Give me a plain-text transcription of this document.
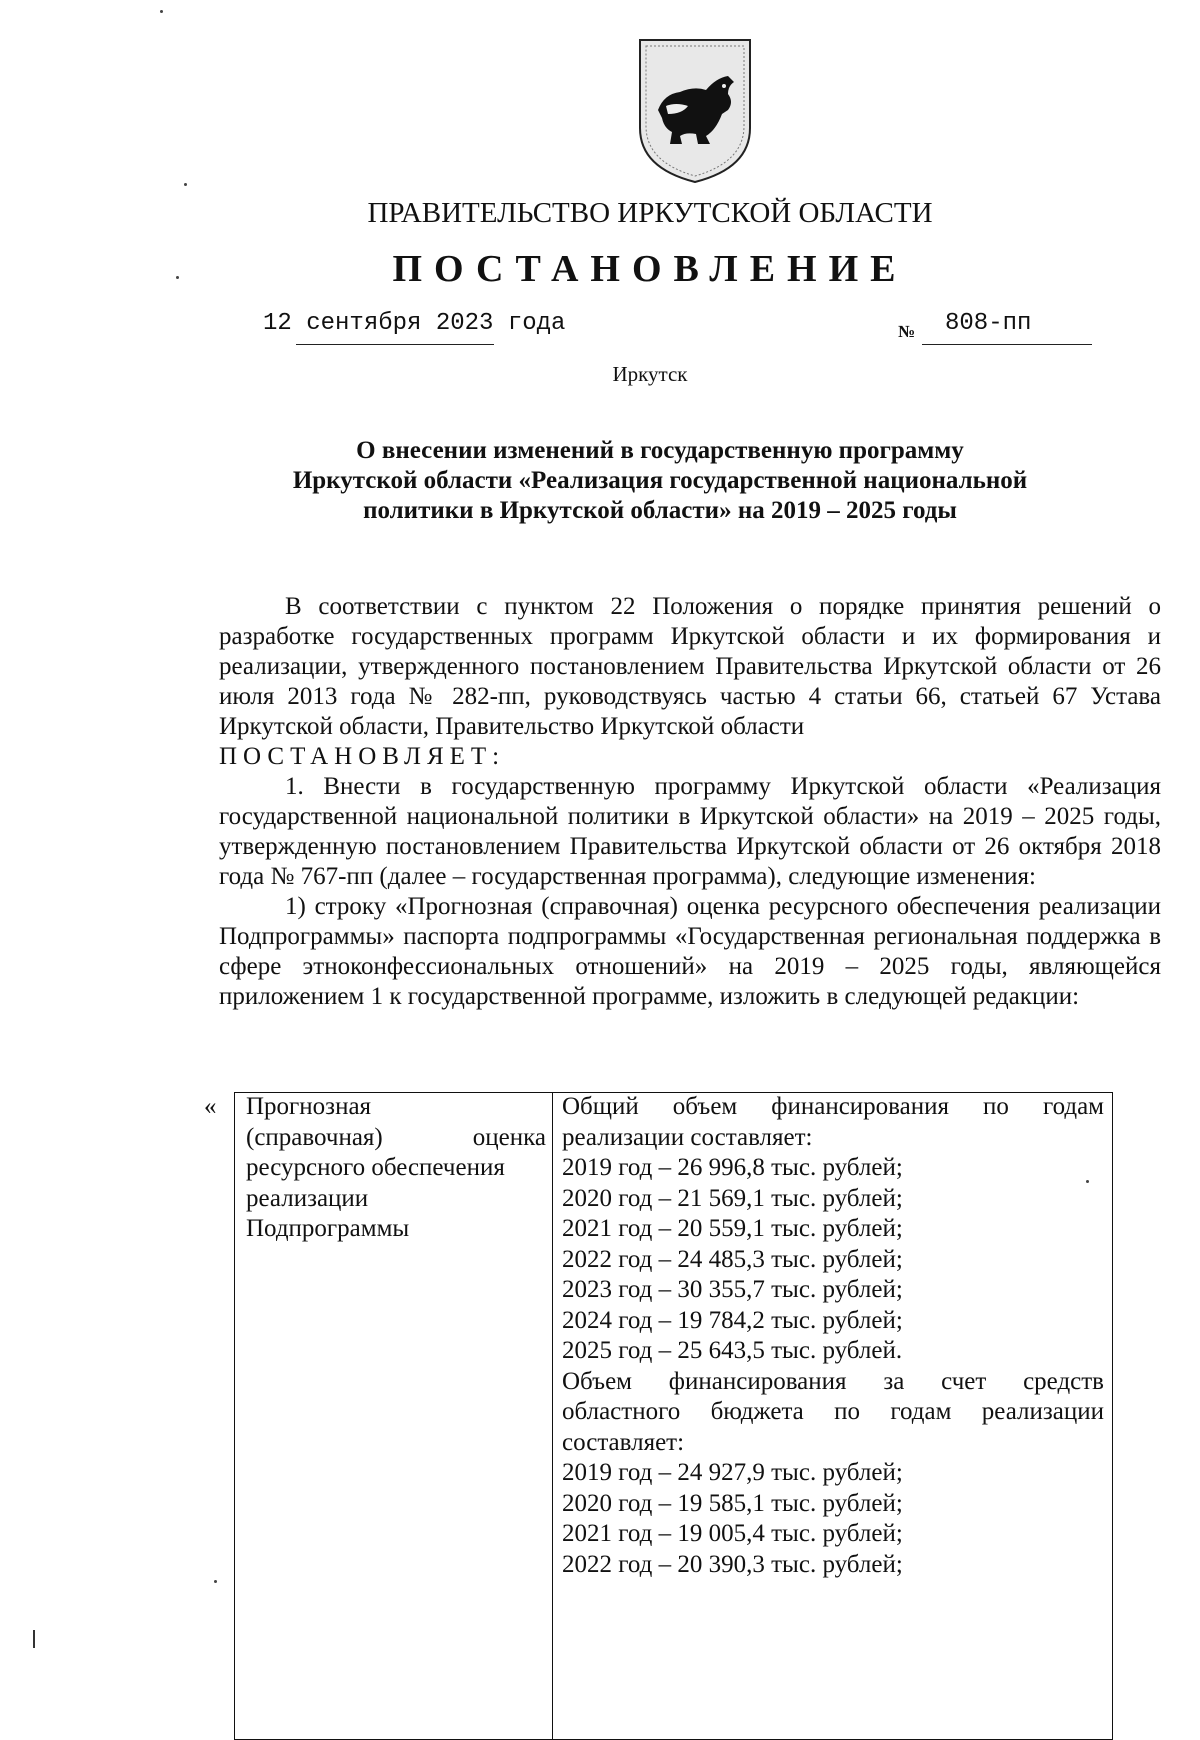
ПРАВИТЕЛЬСТВО ИРКУТСКОЙ ОБЛАСТИ
ПОСТАНОВЛЕНИЕ
12 сентября 2023 года	№ 808-пп
Иркутск
О внесении изменений в государственную программу
Иркутской области «Реализация государственной национальной
политики в Иркутской области» на 2019 – 2025 годы

В соответствии с пунктом 22 Положения о порядке принятия решений о разработке государственных программ Иркутской области и их формирования и реализации, утвержденного постановлением Правительства Иркутской области от 26 июля 2013 года № 282-пп, руководствуясь частью 4 статьи 66, статьей 67 Устава Иркутской области, Правительство Иркутской области

ПОСТАНОВЛЯЕТ:

1. Внести в государственную программу Иркутской области «Реализация государственной национальной политики в Иркутской области» на 2019 – 2025 годы, утвержденную постановлением Правительства Иркутской области от 26 октября 2018 года № 767-пп (далее – государственная программа), следующие изменения:

1) строку «Прогнозная (справочная) оценка ресурсного обеспечения реализации Подпрограммы» паспорта подпрограммы «Государственная региональная поддержка в сфере этноконфессиональных отношений» на 2019 – 2025 годы, являющейся приложением 1 к государственной программе, изложить в следующей редакции:

« Прогнозная
(справочная) оценка
ресурсного обеспечения
реализации
Подпрограммы
Общий объем финансирования по годам
реализации составляет:
2019 год – 26 996,8 тыс. рублей;
2020 год – 21 569,1 тыс. рублей;
2021 год – 20 559,1 тыс. рублей;
2022 год – 24 485,3 тыс. рублей;
2023 год – 30 355,7 тыс. рублей;
2024 год – 19 784,2 тыс. рублей;
2025 год – 25 643,5 тыс. рублей.
Объем финансирования за счет средств
областного бюджета по годам реализации
составляет:
2019 год – 24 927,9 тыс. рублей;
2020 год – 19 585,1 тыс. рублей;
2021 год – 19 005,4 тыс. рублей;
2022 год – 20 390,3 тыс. рублей;
